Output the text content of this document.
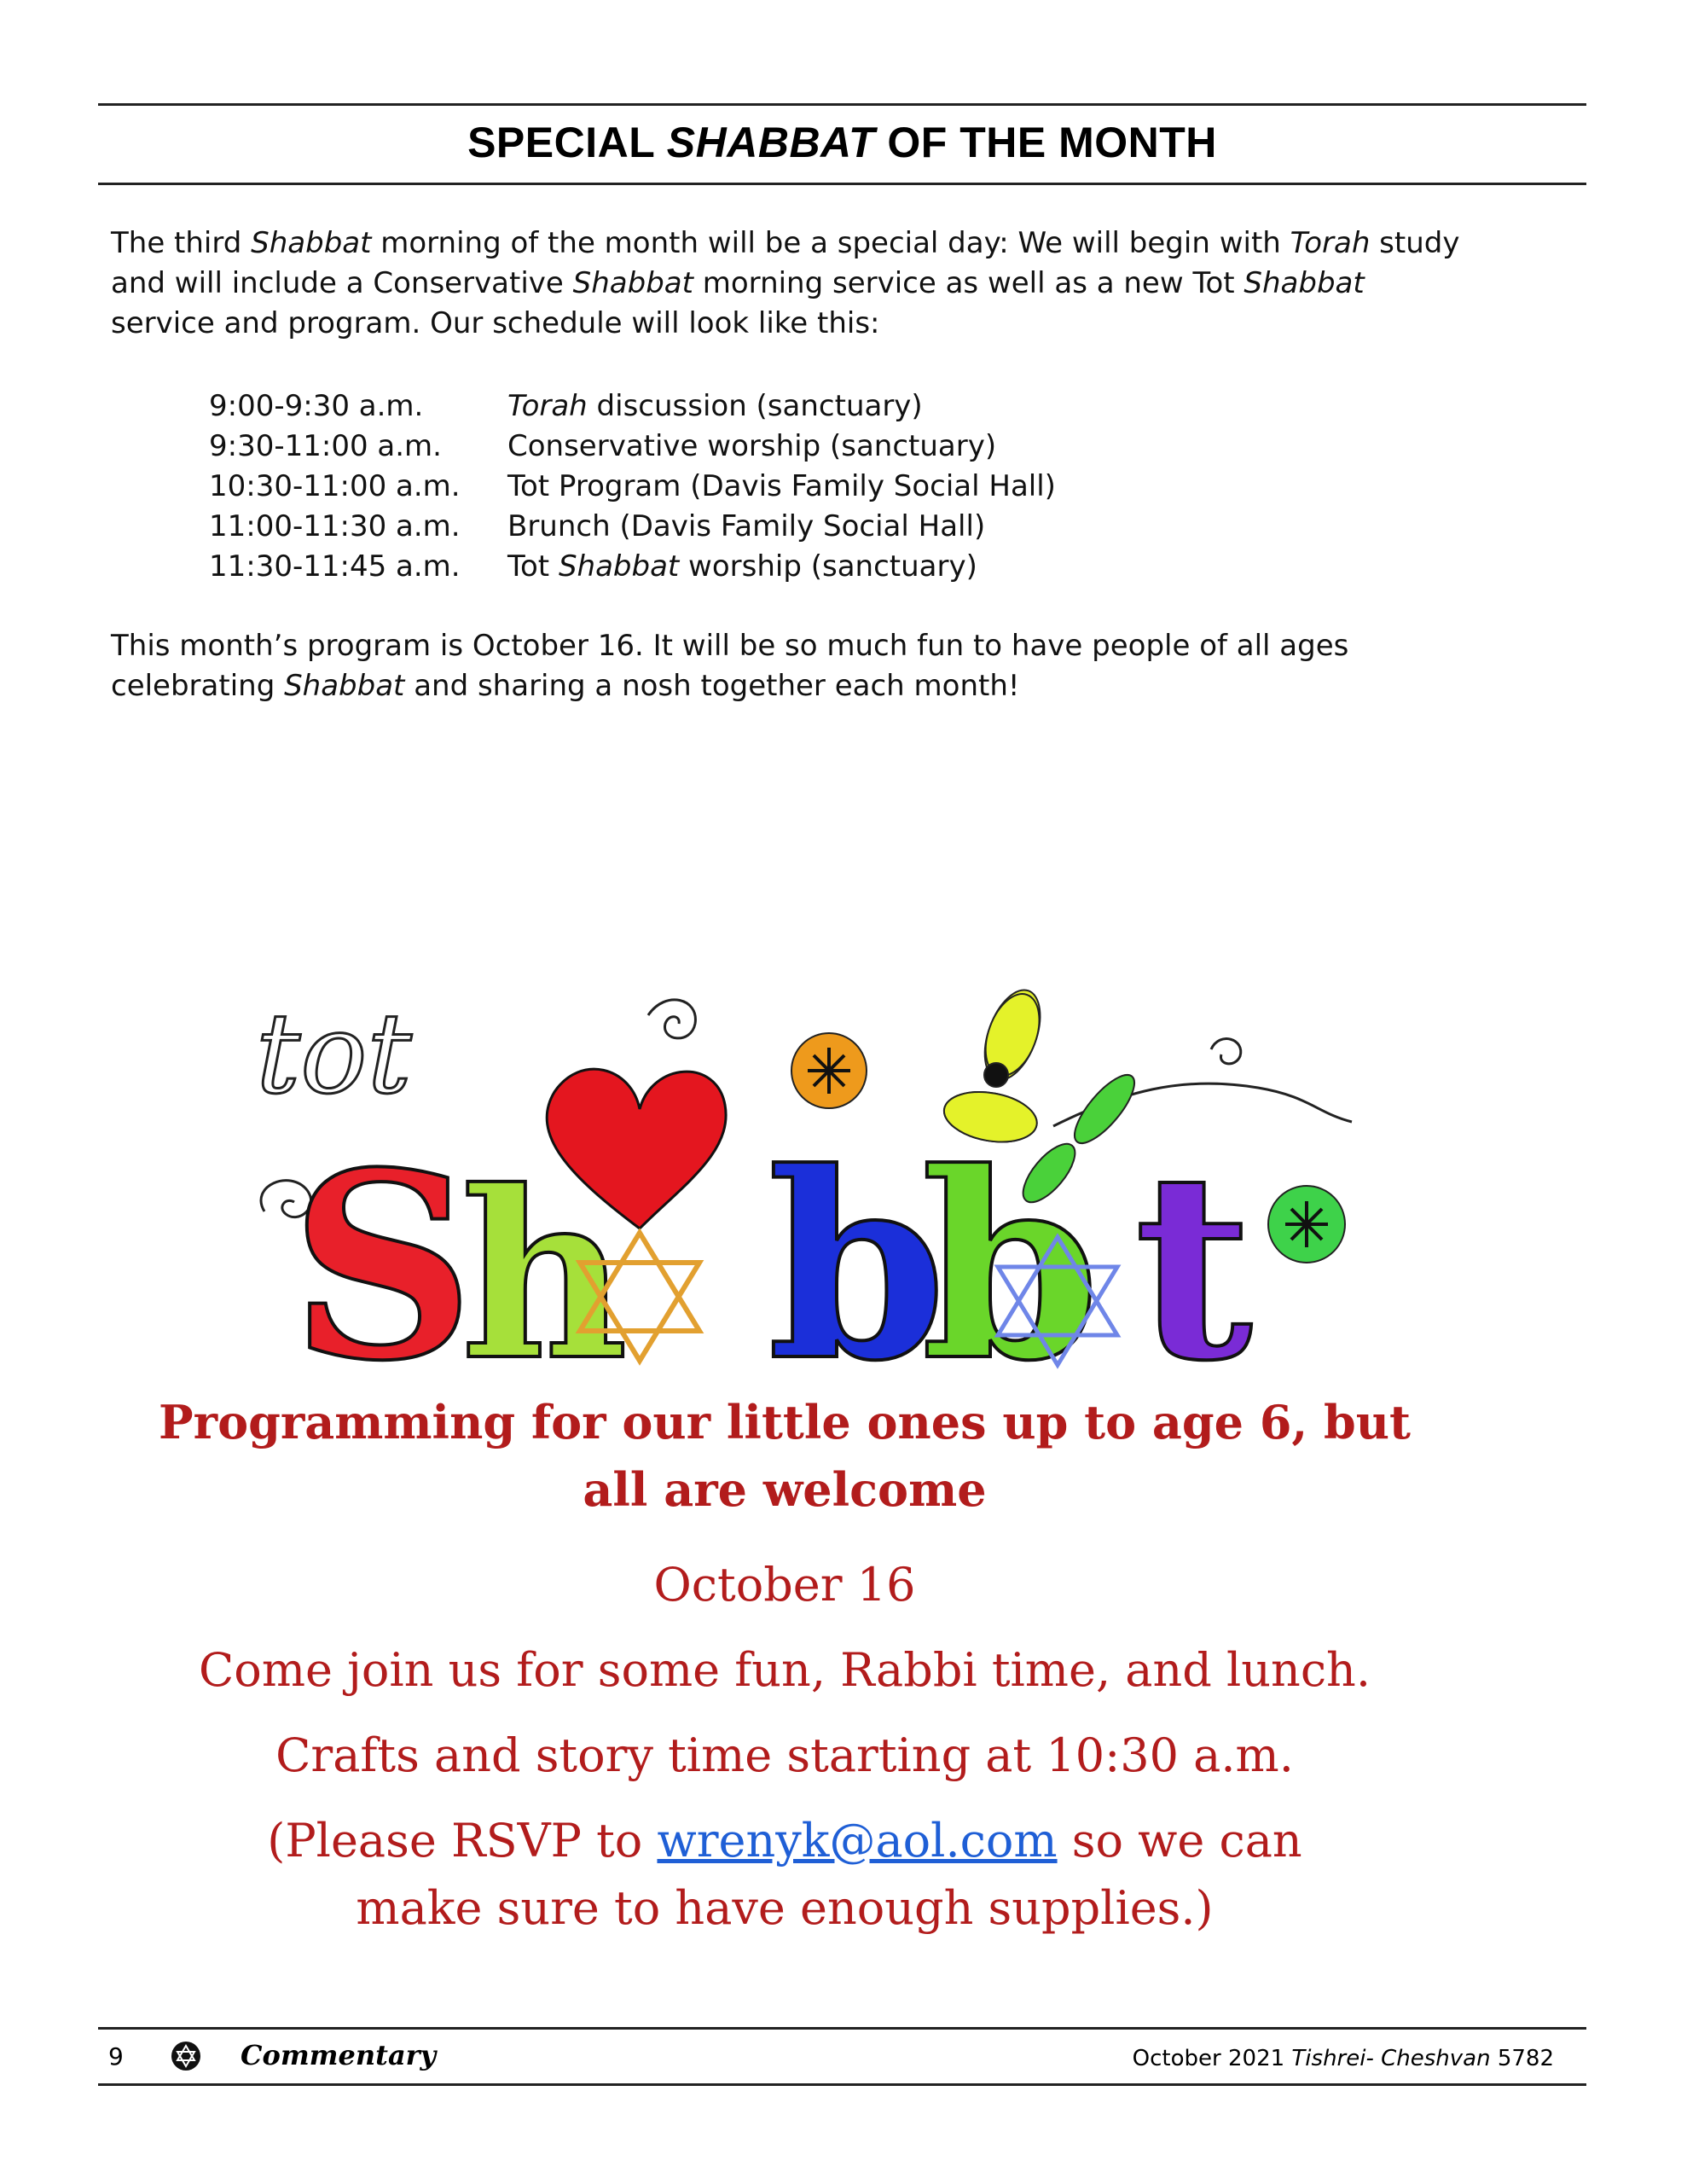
SPECIAL SHABBAT OF THE MONTH
The third Shabbat morning of the month will be a special day: We will begin with Torah study and will include a Conservative Shabbat morning service as well as a new Tot Shabbat service and program. Our schedule will look like this:
9:00-9:30 a.m.	Torah discussion (sanctuary)
9:30-11:00 a.m. Conservative worship (sanctuary)
10:30-11:00 a.m. Tot Program (Davis Family Social Hall)
11:00-11:30 a.m. Brunch (Davis Family Social Hall)
11:30-11:45 a.m. Tot Shabbat worship (sanctuary)
This month’s program is October 16. It will be so much fun to have people of all ages celebrating Shabbat and sharing a nosh together each month!
tot
S
h b
b t
Programming for our little ones up to age 6, but all are welcome
October 16
Come join us for some fun, Rabbi time, and lunch.
Crafts and story time starting at 10:30 a.m.
(Please RSVP to wrenyk@aol.com so we can make sure to have enough supplies.)
9	Commentary	October 2021 Tishrei- Cheshvan 5782
